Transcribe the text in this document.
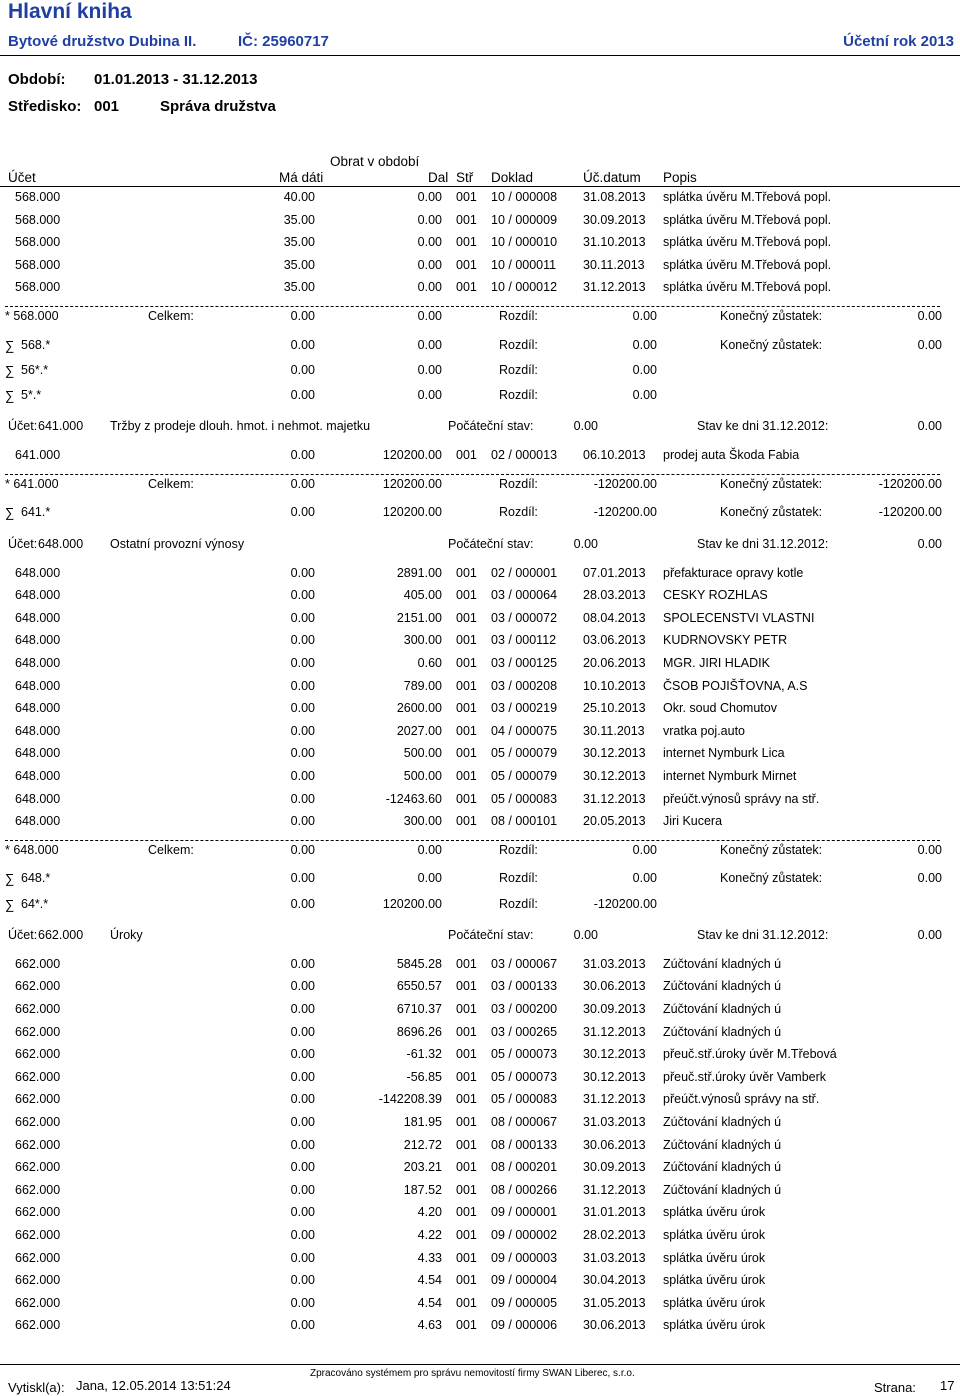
Hlavní kniha
Bytové družstvo Dubina II.	IČ: 25960717	Účetní rok 2013
Období: 01.01.2013 - 31.12.2013
Středisko: 001	Správa družstva
Obrat v období
Účet	Má dáti	Dal Stř Doklad	Úč.datum Popis
568.000	40.00	0.00 001 10 / 000008 31.08.2013 splátka úvěru M.Třebová popl.
568.000	35.00	0.00 001 10 / 000009 30.09.2013 splátka úvěru M.Třebová popl.
568.000	35.00	0.00 001 10 / 000010 31.10.2013 splátka úvěru M.Třebová popl.
568.000	35.00	0.00 001 10 / 000011 30.11.2013 splátka úvěru M.Třebová popl.
568.000	35.00	0.00 001 10 / 000012 31.12.2013 splátka úvěru M.Třebová popl.
* 568.000	Celkem:	0.00	0.00	Rozdíl:	0.00	Konečný zůstatek:	0.00
∑ 568.*	0.00	0.00	Rozdíl:	0.00	Konečný zůstatek:	0.00
∑ 56*.*	0.00	0.00	Rozdíl:	0.00
∑ 5*.*	0.00	0.00	Rozdíl:	0.00
Účet: 641.000 Tržby z prodeje dlouh. hmot. i nehmot. majetku	Počáteční stav:	0.00	Stav ke dni 31.12.2012:	0.00
641.000	0.00	120200.00 001 02 / 000013 06.10.2013 prodej auta Škoda Fabia
* 641.000	Celkem:	0.00	120200.00	Rozdíl:	-120200.00	Konečný zůstatek:	-120200.00
∑ 641.*	0.00	120200.00	Rozdíl:	-120200.00	Konečný zůstatek:	-120200.00
Účet: 648.000 Ostatní provozní výnosy	Počáteční stav:	0.00	Stav ke dni 31.12.2012:	0.00
648.000	0.00	2891.00 001 02 / 000001 07.01.2013 přefakturace opravy kotle
648.000	0.00	405.00 001 03 / 000064 28.03.2013 CESKY ROZHLAS
648.000	0.00	2151.00 001 03 / 000072 08.04.2013 SPOLECENSTVI VLASTNI
648.000	0.00	300.00 001 03 / 000112 03.06.2013 KUDRNOVSKY PETR
648.000	0.00	0.60 001 03 / 000125 20.06.2013 MGR. JIRI HLADIK
648.000	0.00	789.00 001 03 / 000208 10.10.2013 ČSOB POJIŠŤOVNA, A.S
648.000	0.00	2600.00 001 03 / 000219 25.10.2013 Okr. soud Chomutov
648.000	0.00	2027.00 001 04 / 000075 30.11.2013 vratka poj.auto
648.000	0.00	500.00 001 05 / 000079 30.12.2013 internet Nymburk Lica
648.000	0.00	500.00 001 05 / 000079 30.12.2013 internet Nymburk Mirnet
648.000	0.00	-12463.60 001 05 / 000083 31.12.2013 přeúčt.výnosů správy na stř.
648.000	0.00	300.00 001 08 / 000101 20.05.2013 Jiri Kucera
* 648.000	Celkem:	0.00	0.00	Rozdíl:	0.00	Konečný zůstatek:	0.00
∑ 648.*	0.00	0.00	Rozdíl:	0.00	Konečný zůstatek:	0.00
∑ 64*.*	0.00	120200.00	Rozdíl:	-120200.00
Účet: 662.000 Úroky	Počáteční stav:	0.00	Stav ke dni 31.12.2012:	0.00
662.000	0.00	5845.28 001 03 / 000067 31.03.2013 Zúčtování kladných ú
662.000	0.00	6550.57 001 03 / 000133 30.06.2013 Zúčtování kladných ú
662.000	0.00	6710.37 001 03 / 000200 30.09.2013 Zúčtování kladných ú
662.000	0.00	8696.26 001 03 / 000265 31.12.2013 Zúčtování kladných ú
662.000	0.00	-61.32 001 05 / 000073 30.12.2013 přeuč.stř.úroky úvěr M.Třebová
662.000	0.00	-56.85 001 05 / 000073 30.12.2013 přeuč.stř.úroky úvěr Vamberk
662.000	0.00	-142208.39 001 05 / 000083 31.12.2013 přeúčt.výnosů správy na stř.
662.000	0.00	181.95 001 08 / 000067 31.03.2013 Zúčtování kladných ú
662.000	0.00	212.72 001 08 / 000133 30.06.2013 Zúčtování kladných ú
662.000	0.00	203.21 001 08 / 000201 30.09.2013 Zúčtování kladných ú
662.000	0.00	187.52 001 08 / 000266 31.12.2013 Zúčtování kladných ú
662.000	0.00	4.20 001 09 / 000001 31.01.2013 splátka úvěru úrok
662.000	0.00	4.22 001 09 / 000002 28.02.2013 splátka úvěru úrok
662.000	0.00	4.33 001 09 / 000003 31.03.2013 splátka úvěru úrok
662.000	0.00	4.54 001 09 / 000004 30.04.2013 splátka úvěru úrok
662.000	0.00	4.54 001 09 / 000005 31.05.2013 splátka úvěru úrok
662.000	0.00	4.63 001 09 / 000006 30.06.2013 splátka úvěru úrok
Zpracováno systémem pro správu nemovitostí firmy SWAN Liberec, s.r.o.
Vytiskl(a): Jana, 12.05.2014 13:51:24	Strana: 17
